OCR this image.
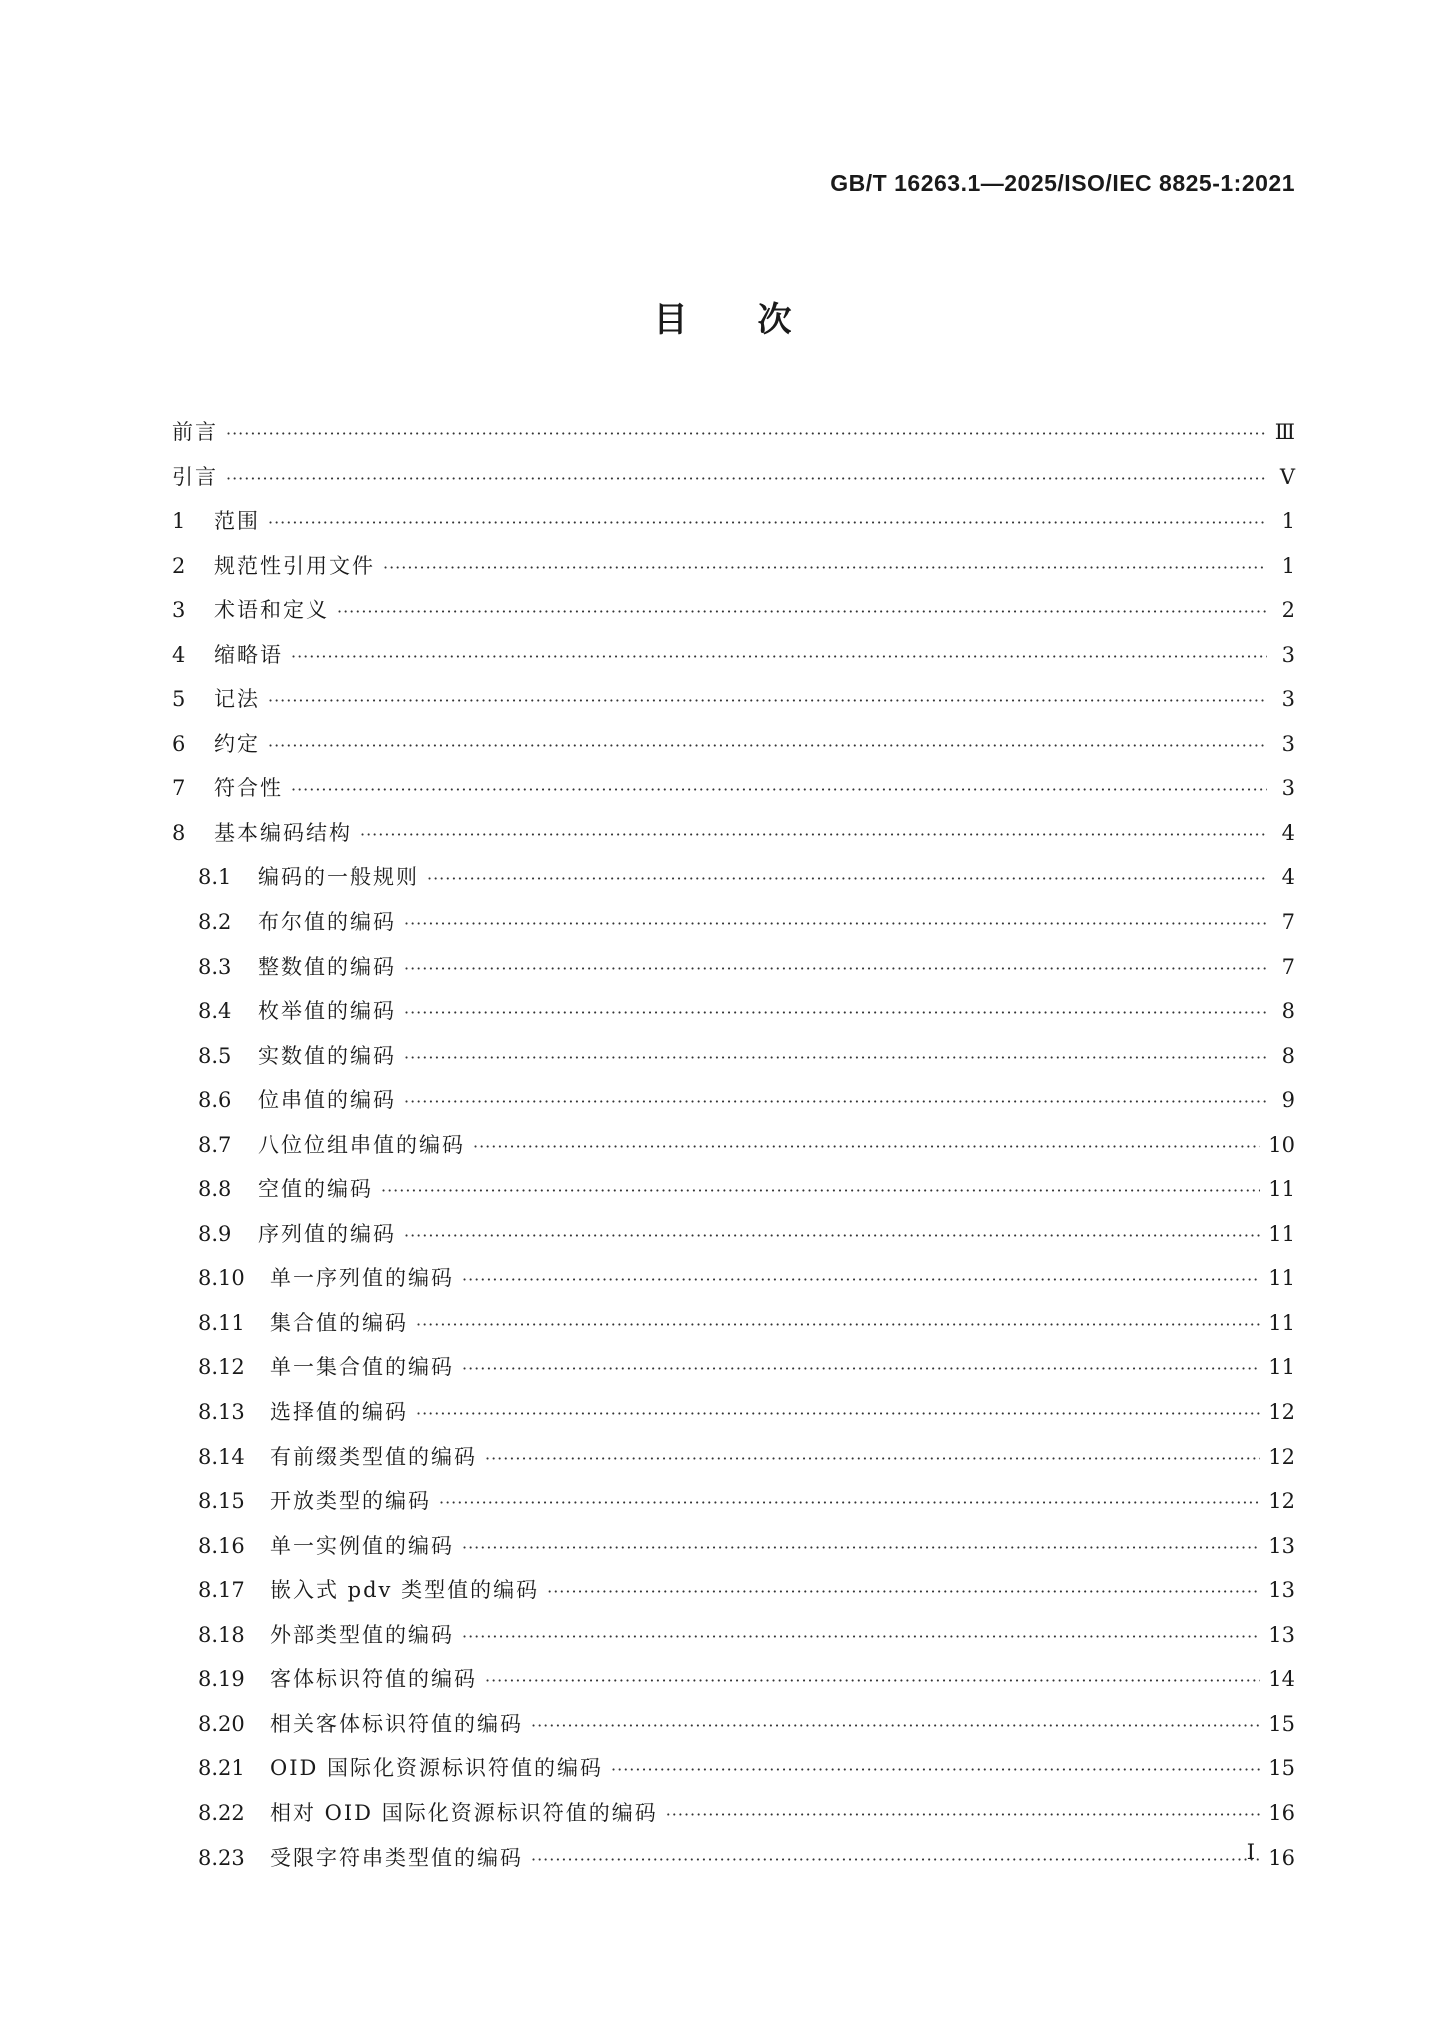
GB/T 16263.1—2025/ISO/IEC 8825-1:2021
目次
前言 ·····	Ⅲ
引言 ·····	Ⅴ
1	范围 ·····	1
2	规范性引用文件 ·····	1
3	术语和定义 ·····	2
4	缩略语 ·····	3
5	记法 ·····	3
6	约定 ·····	3
7	符合性 ·····	3
8	基本编码结构 ·····	4
8.1	编码的一般规则 ·····	4
8.2	布尔值的编码 ·····	7
8.3	整数值的编码 ·····	7
8.4	枚举值的编码 ·····	8
8.5	实数值的编码 ·····	8
8.6	位串值的编码 ·····	9
8.7	八位位组串值的编码 ·····	10
8.8	空值的编码 ·····	11
8.9	序列值的编码 ·····	11
8.10	单一序列值的编码 ·····	11
8.11	集合值的编码 ·····	11
8.12	单一集合值的编码 ·····	11
8.13	选择值的编码 ·····	12
8.14	有前缀类型值的编码 ·····	12
8.15	开放类型的编码 ·····	12
8.16	单一实例值的编码 ·····	13
8.17	嵌入式 pdv 类型值的编码 ·····	13
8.18	外部类型值的编码 ·····	13
8.19	客体标识符值的编码 ·····	14
8.20	相关客体标识符值的编码 ·····	15
8.21	OID 国际化资源标识符值的编码 ·····	15
8.22	相对 OID 国际化资源标识符值的编码 ·····	16
8.23	受限字符串类型值的编码 ·····	16
Ⅰ
